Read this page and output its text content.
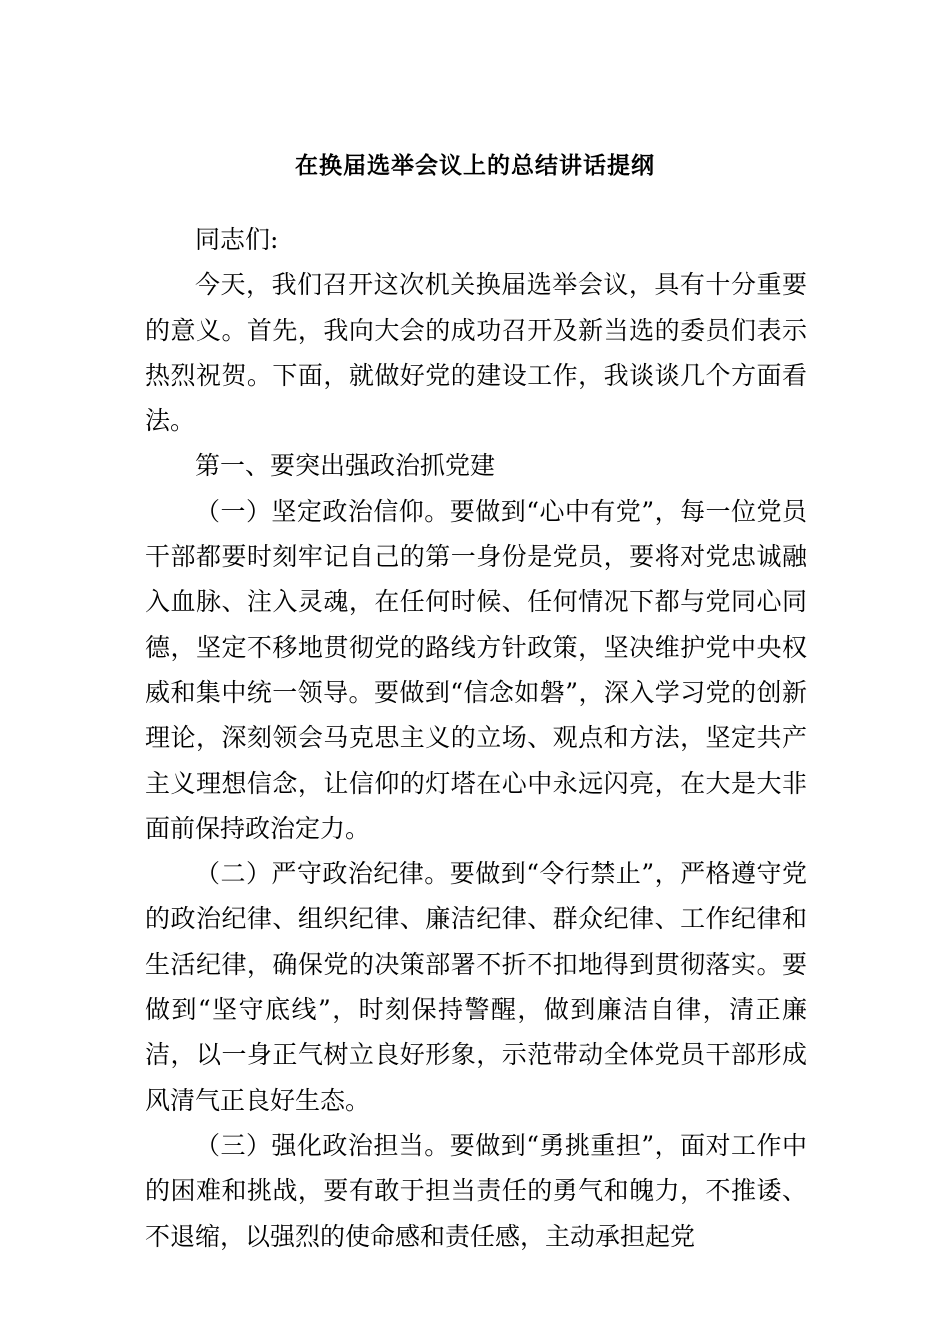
在换届选举会议上的总结讲话提纲

同志们:

今天，我们召开这次机关换届选举会议，具有十分重要的意义。首先，我向大会的成功召开及新当选的委员们表示热烈祝贺。下面，就做好党的建设工作，我谈谈几个方面看法。

第一、要突出强政治抓党建

（一）坚定政治信仰。要做到“心中有党”，每一位党员干部都要时刻牢记自己的第一身份是党员，要将对党忠诚融入血脉、注入灵魂，在任何时候、任何情况下都与党同心同德，坚定不移地贯彻党的路线方针政策，坚决维护党中央权威和集中统一领导。要做到“信念如磐”，深入学习党的创新理论，深刻领会马克思主义的立场、观点和方法，坚定共产主义理想信念，让信仰的灯塔在心中永远闪亮，在大是大非面前保持政治定力。

（二）严守政治纪律。要做到“令行禁止”，严格遵守党的政治纪律、组织纪律、廉洁纪律、群众纪律、工作纪律和生活纪律，确保党的决策部署不折不扣地得到贯彻落实。要做到“坚守底线”，时刻保持警醒，做到廉洁自律，清正廉洁，以一身正气树立良好形象，示范带动全体党员干部形成风清气正良好生态。

（三）强化政治担当。要做到“勇挑重担”，面对工作中的困难和挑战，要有敢于担当责任的勇气和魄力，不推诿、不退缩，以强烈的使命感和责任感，主动承担起党
